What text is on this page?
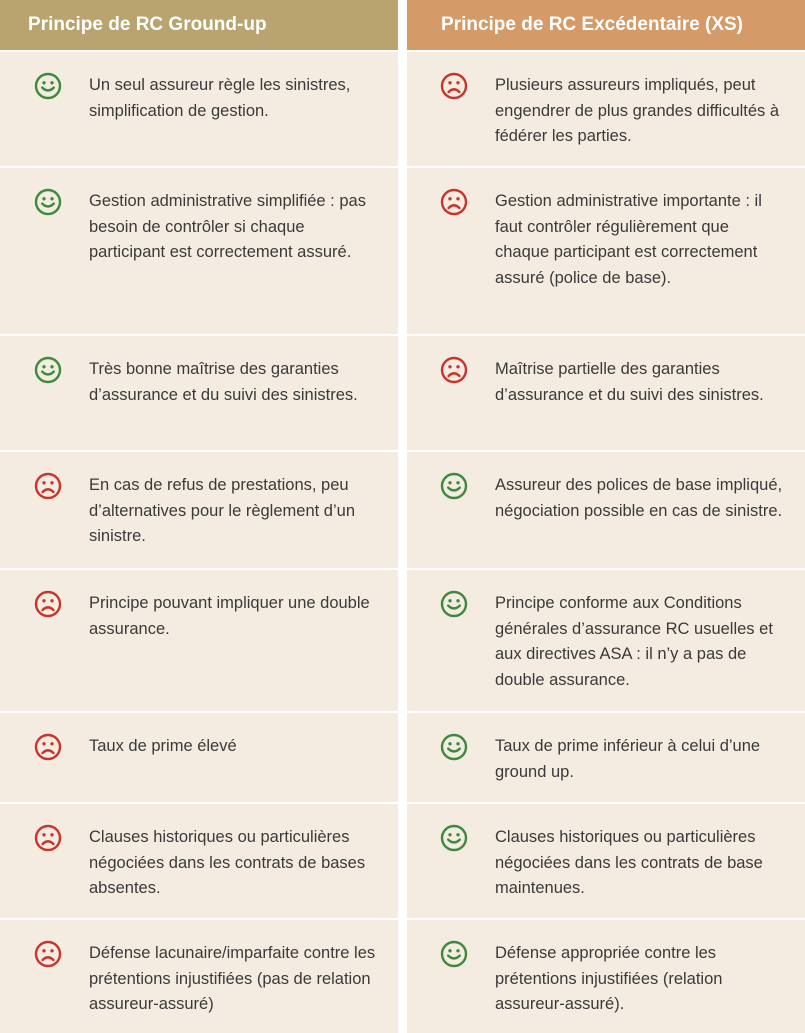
Principe de RC Ground-up	Principe de RC Excédentaire (XS)
Un seul assureur règle les sinistres, simplification de gestion.
Plusieurs assureurs impliqués, peut engendrer de plus grandes difficultés à fédérer les parties.
Gestion administrative simplifiée : pas besoin de contrôler si chaque participant est correctement assuré.
Gestion administrative importante : il faut contrôler régulièrement que chaque participant est correctement assuré (police de base).
Très bonne maîtrise des garanties d’assurance et du suivi des sinistres.
Maîtrise partielle des garanties d’assurance et du suivi des sinistres.
En cas de refus de prestations, peu d’alternatives pour le règlement d’un sinistre.
Assureur des polices de base impliqué, négociation possible en cas de sinistre.
Principe pouvant impliquer une double assurance.
Principe conforme aux Conditions générales d’assurance RC usuelles et aux directives ASA : il n’y a pas de double assurance.
Taux de prime élevé	Taux de prime inférieur à celui d’une ground up.
Clauses historiques ou particulières négociées dans les contrats de bases absentes.
Clauses historiques ou particulières négociées dans les contrats de base maintenues.
Défense lacunaire/imparfaite contre les prétentions injustifiées (pas de relation assureur-assuré)
Défense appropriée contre les prétentions injustifiées (relation assureur-assuré).
